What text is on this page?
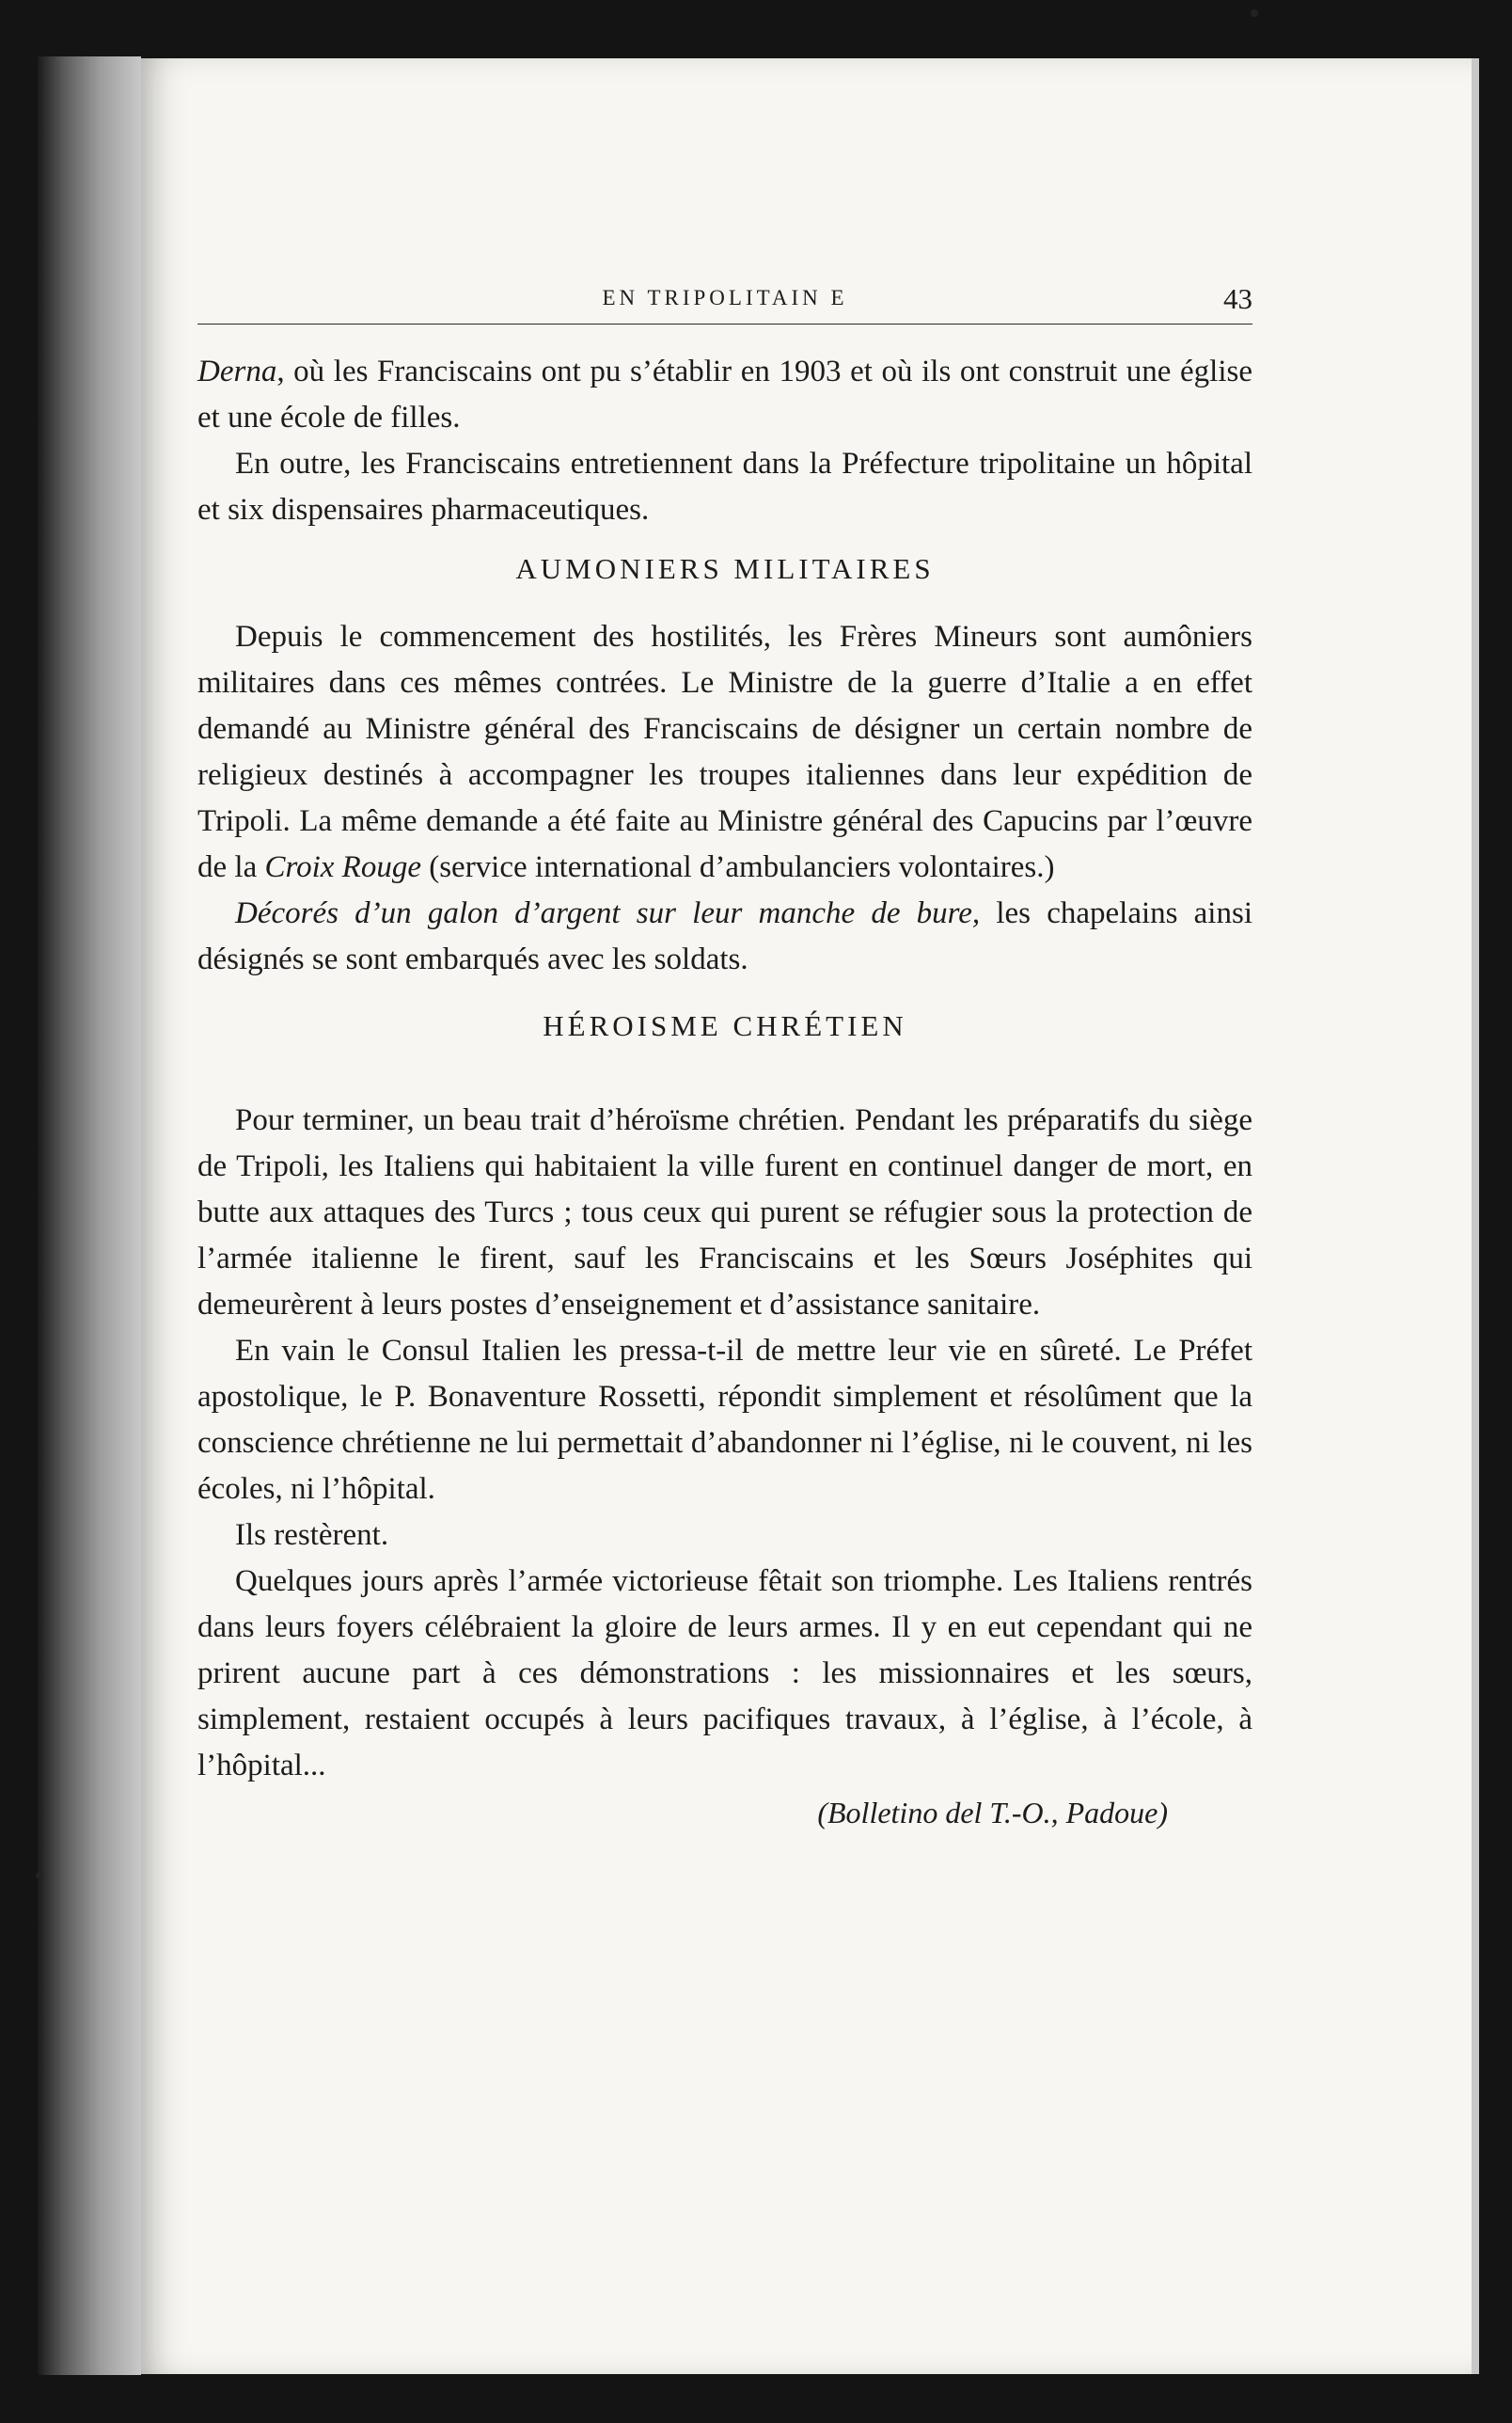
EN TRIPOLITAIN E	43

Derna, où les Franciscains ont pu s’établir en 1903 et où ils ont construit une église et une école de filles.

En outre, les Franciscains entretiennent dans la Préfecture tripolitaine un hôpital et six dispensaires pharmaceutiques.

AUMONIERS MILITAIRES

Depuis le commencement des hostilités, les Frères Mineurs sont aumôniers militaires dans ces mêmes contrées. Le Ministre de la guerre d’Italie a en effet demandé au Ministre général des Franciscains de désigner un certain nombre de religieux destinés à accompagner les troupes italiennes dans leur expédition de Tripoli. La même demande a été faite au Ministre général des Capucins par l’œuvre de la Croix Rouge (service international d’ambulanciers volontaires.)

Décorés d’un galon d’argent sur leur manche de bure, les chapelains ainsi désignés se sont embarqués avec les soldats.

HÉROISME CHRÉTIEN

Pour terminer, un beau trait d’héroïsme chrétien. Pendant les préparatifs du siège de Tripoli, les Italiens qui habitaient la ville furent en continuel danger de mort, en butte aux attaques des Turcs ; tous ceux qui purent se réfugier sous la protection de l’armée italienne le firent, sauf les Franciscains et les Sœurs Joséphites qui demeurèrent à leurs postes d’enseignement et d’assistance sanitaire.

En vain le Consul Italien les pressa-t-il de mettre leur vie en sûreté. Le Préfet apostolique, le P. Bonaventure Rossetti, répondit simplement et résolûment que la conscience chrétienne ne lui permettait d’abandonner ni l’église, ni le couvent, ni les écoles, ni l’hôpital.

Ils restèrent.

Quelques jours après l’armée victorieuse fêtait son triomphe. Les Italiens rentrés dans leurs foyers célébraient la gloire de leurs armes. Il y en eut cependant qui ne prirent aucune part à ces démonstrations : les missionnaires et les sœurs, simplement, restaient occupés à leurs pacifiques travaux, à l’église, à l’école, à l’hôpital...

(Bolletino del T.-O., Padoue)
